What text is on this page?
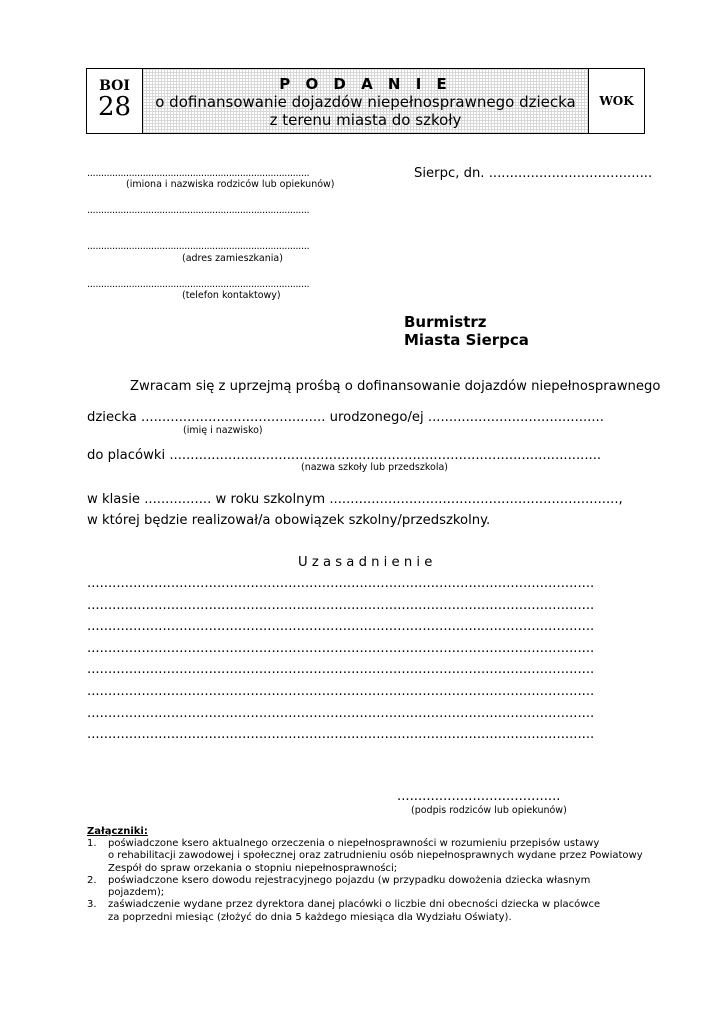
BOI
28
P O D A N I E
o dofinansowanie dojazdów niepełnosprawnego dziecka
z terenu miasta do szkoły
WOK
................................................................................
(imiona i nazwiska rodziców lub opiekunów)
................................................................................
................................................................................
(adres zamieszkania)
................................................................................
(telefon kontaktowy)
Sierpc, dn. .......................................
Burmistrz
Miasta Sierpca
Zwracam się z uprzejmą prośbą o dofinansowanie dojazdów niepełnosprawnego
dziecka ............................................ urodzonego/ej ..........................................
(imię i nazwisko)
do placówki .......................................................................................................
(nazwa szkoły lub przedszkola)
w klasie ................ w roku szkolnym .....................................................................,
w której będzie realizował/a obowiązek szkolny/przedszkolny.
U z a s a d n i e n i e
.........................................................................................................................
.........................................................................................................................
.........................................................................................................................
.........................................................................................................................
.........................................................................................................................
.........................................................................................................................
.........................................................................................................................
.........................................................................................................................
.......................................
(podpis rodziców lub opiekunów)
Załączniki:
1. poświadczone ksero aktualnego orzeczenia o niepełnosprawności w rozumieniu przepisów ustawy
o rehabilitacji zawodowej i społecznej oraz zatrudnieniu osób niepełnosprawnych wydane przez Powiatowy
Zespół do spraw orzekania o stopniu niepełnosprawności;
2. poświadczone ksero dowodu rejestracyjnego pojazdu (w przypadku dowożenia dziecka własnym
pojazdem);
3. zaświadczenie wydane przez dyrektora danej placówki o liczbie dni obecności dziecka w placówce
za poprzedni miesiąc (złożyć do dnia 5 każdego miesiąca dla Wydziału Oświaty).
